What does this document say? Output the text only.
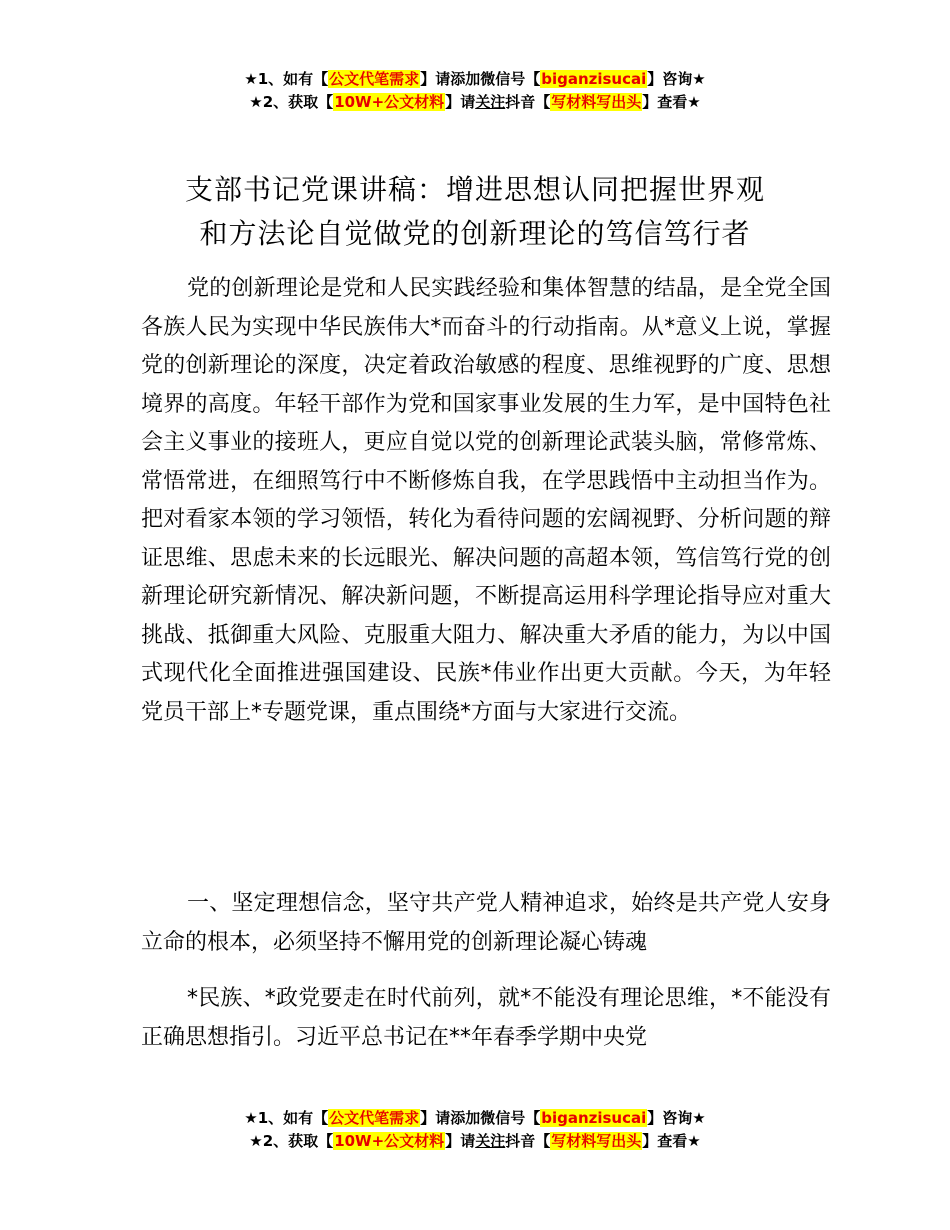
★1、如有【公文代笔需求】请添加微信号【biganzisucai】咨询★
★2、获取【10W+公文材料】请关注抖音【写材料写出头】查看★
支部书记党课讲稿：增进思想认同把握世界观
和方法论自觉做党的创新理论的笃信笃行者

党的创新理论是党和人民实践经验和集体智慧的结晶，是全党全国各族人民为实现中华民族伟大*而奋斗的行动指南。从*意义上说，掌握党的创新理论的深度，决定着政治敏感的程度、思维视野的广度、思想境界的高度。年轻干部作为党和国家事业发展的生力军，是中国特色社会主义事业的接班人，更应自觉以党的创新理论武装头脑，常修常炼、常悟常进，在细照笃行中不断修炼自我，在学思践悟中主动担当作为。把对看家本领的学习领悟，转化为看待问题的宏阔视野、分析问题的辩证思维、思虑未来的长远眼光、解决问题的高超本领，笃信笃行党的创新理论研究新情况、解决新问题，不断提高运用科学理论指导应对重大挑战、抵御重大风险、克服重大阻力、解决重大矛盾的能力，为以中国式现代化全面推进强国建设、民族*伟业作出更大贡献。今天，为年轻党员干部上*专题党课，重点围绕*方面与大家进行交流。

一、坚定理想信念，坚守共产党人精神追求，始终是共产党人安身立命的根本，必须坚持不懈用党的创新理论凝心铸魂

*民族、*政党要走在时代前列，就*不能没有理论思维，*不能没有正确思想指引。习近平总书记在**年春季学期中央党

★1、如有【公文代笔需求】请添加微信号【biganzisucai】咨询★
★2、获取【10W+公文材料】请关注抖音【写材料写出头】查看★
